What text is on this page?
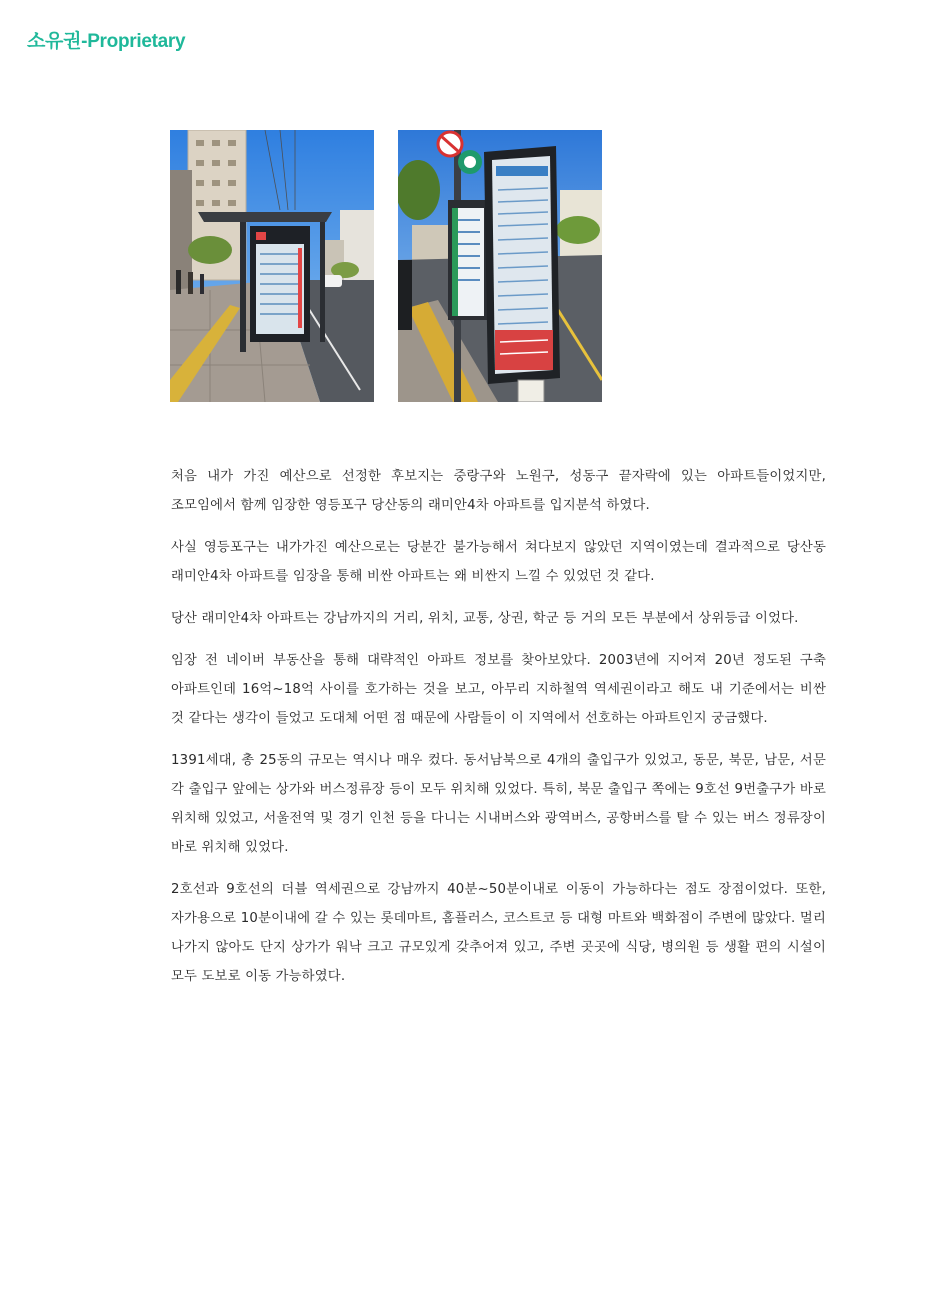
소유권-Proprietary

처음 내가 가진 예산으로 선정한 후보지는 중랑구와 노원구, 성동구 끝자락에 있는 아파트들이었지만, 조모임에서 함께 임장한 영등포구 당산동의 래미안4차 아파트를 입지분석 하였다.

사실 영등포구는 내가가진 예산으로는 당분간 불가능해서 쳐다보지 않았던 지역이였는데 결과적으로 당산동 래미안4차 아파트를 임장을 통해 비싼 아파트는 왜 비싼지 느낄 수 있었던 것 같다.

당산 래미안4차 아파트는 강남까지의 거리, 위치, 교통, 상권, 학군 등 거의 모든 부분에서 상위등급 이었다.

임장 전 네이버 부동산을 통해 대략적인 아파트 정보를 찾아보았다. 2003년에 지어져 20년 정도된 구축 아파트인데 16억~18억 사이를 호가하는 것을 보고, 아무리 지하철역 역세권이라고 해도 내 기준에서는 비싼 것 같다는 생각이 들었고 도대체 어떤 점 때문에 사람들이 이 지역에서 선호하는 아파트인지 궁금했다.

1391세대, 총 25동의 규모는 역시나 매우 컸다. 동서남북으로 4개의 출입구가 있었고, 동문, 북문, 남문, 서문 각 출입구 앞에는 상가와 버스정류장 등이 모두 위치해 있었다. 특히, 북문 출입구 쪽에는 9호선 9번출구가 바로 위치해 있었고, 서울전역 및 경기 인천 등을 다니는 시내버스와 광역버스, 공항버스를 탈 수 있는 버스 정류장이 바로 위치해 있었다.

2호선과 9호선의 더블 역세권으로 강남까지 40분~50분이내로 이동이 가능하다는 점도 장점이었다. 또한, 자가용으로 10분이내에 갈 수 있는 롯데마트, 홈플러스, 코스트코 등 대형 마트와 백화점이 주변에 많았다. 멀리 나가지 않아도 단지 상가가 워낙 크고 규모있게 갖추어져 있고, 주변 곳곳에 식당, 병의원 등 생활 편의 시설이 모두 도보로 이동 가능하였다.
